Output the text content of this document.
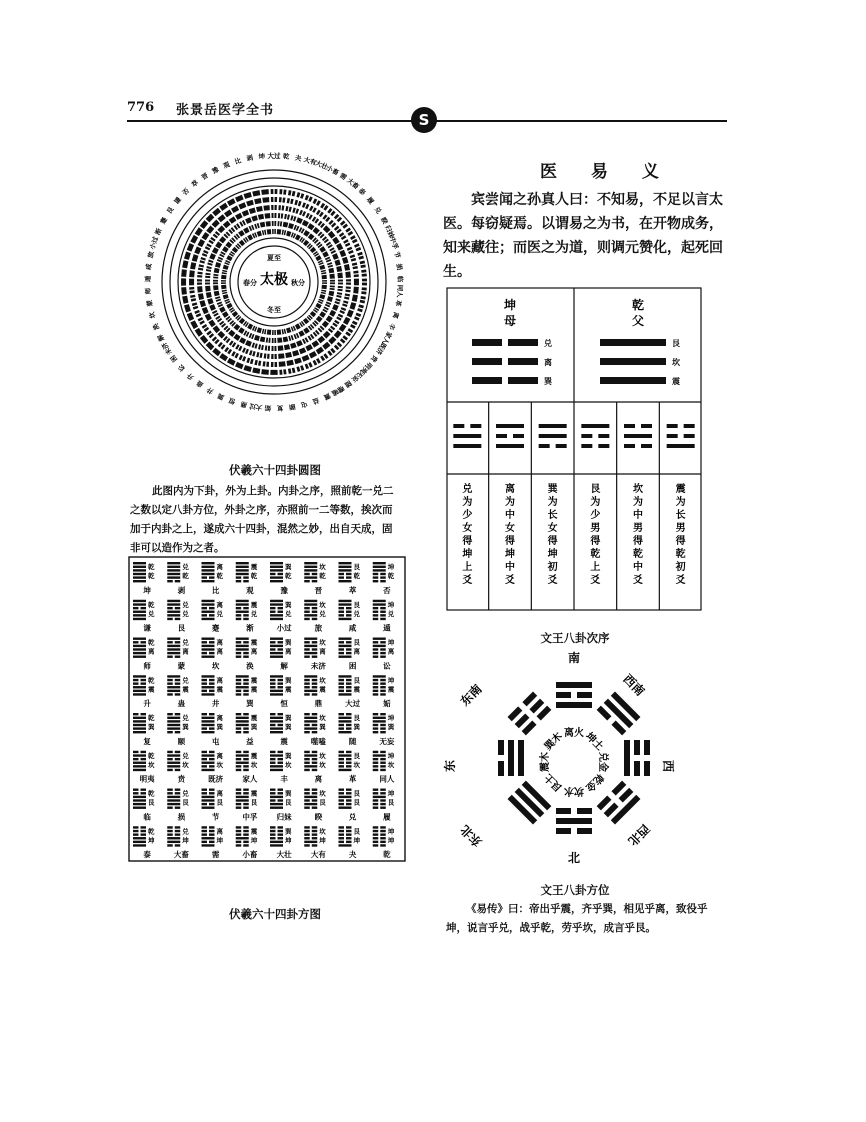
776 张景岳医学全书
S
医 易 义
宾尝闻之孙真人曰：不知易，不足以言太医。每窃疑焉。以谓易之为书，在开物成务，知来藏往；而医之为道，则调元赞化，起死回生。
大过 乾 夬 大有
大壮
小畜
需
大畜
泰
履
兑
睽
归妹
中孚
节
损
临
同人
革
离
丰
家人
既济
贲
明夷
无妄
随
噬嗑
震
益
屯
颐
复
姤
大过
鼎
恒
巽
井
蛊
升
讼
困
未济
解
涣
坎
蒙
师
遁
咸
旅
小过
渐
蹇
艮
谦
否
萃
晋
豫
观 比 剥 坤
夏至
冬至
春分	秋分
太极
伏羲六十四卦圆图
此图内为下卦，外为上卦。内卦之序，照前乾一兑二之数以定八卦方位，外卦之序，亦照前一二等数，挨次而加于内卦之上，遂成六十四卦，混然之妙，出自天成，固非可以造作为之者。
乾
乾
坤
兑
乾
剥
离
乾
比
震
乾
观
巽
乾
豫
坎
乾
晋
艮
乾
萃
坤
乾
否
乾
兑
谦
兑
兑
艮
离
兑
蹇
震
兑
渐
巽
兑
小过
坎
兑
旅
艮
兑
咸
坤
兑
遁
乾
离
师
兑
离
蒙
离
离
坎
震
离
涣
巽
离
解
坎
离
未济
艮
离
困
坤
离
讼
乾
震
升
兑
震
蛊
离
震
井
震
震
巽
巽
震
恒
坎
震
鼎
艮
震
大过
坤
震
姤
乾
巽
复
兑
巽
颐
离
巽
屯
震
巽
益
巽
巽
震
坎
巽
噬嗑
艮
巽
随
坤
巽
无妄
乾
坎
明夷
兑
坎
贲
离
坎
既济
震
坎
家人
巽
坎
丰
坎
坎
离
艮
坎
革
坤
坎
同人
乾
艮
临
兑
艮
损
离
艮
节
震
艮
中孚
巽
艮
归妹
坎
艮
睽
艮
艮
兑
坤
艮
履
乾
坤
泰
兑
坤
大畜
离
坤
需
震
坤
小畜
巽
坤
大壮
坎
坤
大有
艮
坤
夬
坤
坤
乾
伏羲六十四卦方图
坤
母
兑
离
巽
乾
父
艮
坎
震
兑
为
少
女
得
坤
上
爻
离
为
中
女
得
坤
中
爻
巽
为
长
女
得
坤
初
爻
艮
为
少
男
得
乾
上
爻
坎
为
中
男
得
乾
中
爻
震
为
长
男
得
乾
初
爻
文王八卦次序
南
东南
东
东北
北
西北
西
西南
离火 坤土
兑金
乾金
坎水
艮土
震木
巽木
文王八卦方位
《易传》曰：帝出乎震，齐乎巽，相见乎离，致役乎坤，说言乎兑，战乎乾，劳乎坎，成言乎艮。
